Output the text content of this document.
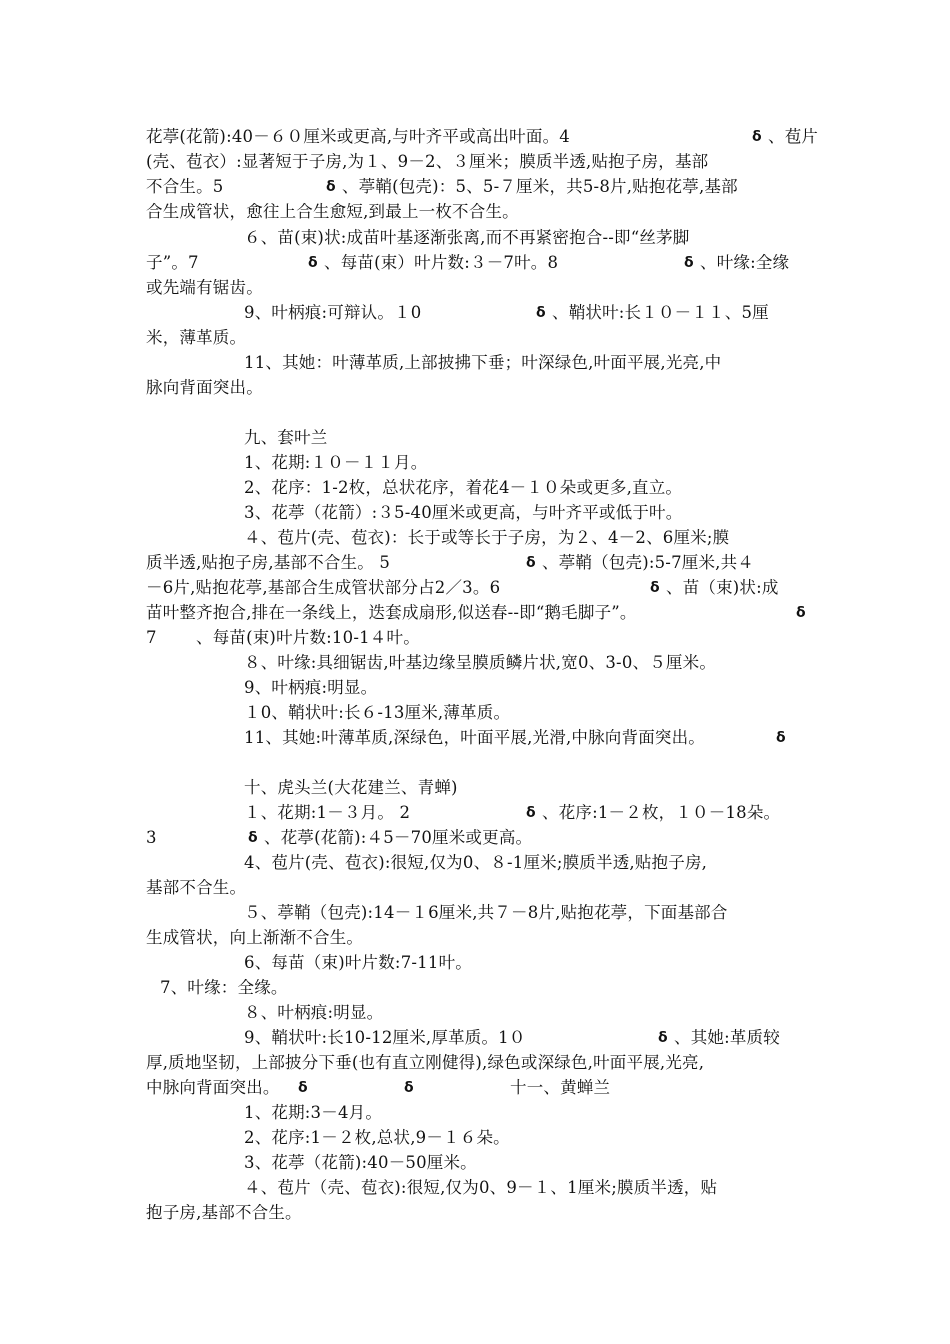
花葶(花箭):40－６０厘米或更高,与叶齐平或高出叶面。4

	ẟ

、苞片

(壳、苞衣）:显著短于子房,为１、9－2、３厘米；膜质半透,贴抱子房，基部

不合生。5

	ẟ

、葶鞘(包壳)：5、5-７厘米，共5-8片,贴抱花葶,基部

合生成管状，愈往上合生愈短,到最上一枚不合生。

６、苗(束)状:成苗叶基逐渐张离,而不再紧密抱合--即“丝茅脚

子”。7

	ẟ

、每苗(束）叶片数:３－7叶。8

	ẟ

、叶缘:全缘

或先端有锯齿。

9、叶柄痕:可辩认。１0

	ẟ

、鞘状叶:长１０－１１、5厘

米，薄革质。

11、其她：叶薄革质,上部披拂下垂；叶深绿色,叶面平展,光亮,中

脉向背面突出。

九、套叶兰

1、花期:１０－１１月。

2、花序：1-2枚，总状花序，着花4－１０朵或更多,直立。

3、花葶（花箭）:３5-40厘米或更高，与叶齐平或低于叶。

４、苞片(壳、苞衣)：长于或等长于子房，为２、4－2、6厘米;膜

质半透,贴抱子房,基部不合生。 5

	ẟ

、葶鞘（包壳):5-7厘米,共４

－6片,贴抱花葶,基部合生成管状部分占2／3。6

	ẟ

、苗（束)状:成

苗叶整齐抱合,排在一条线上，迭套成扇形,似送春--即“鹅毛脚子”。

	ẟ

7

、每苗(束)叶片数:10-1４叶。

８、叶缘:具细锯齿,叶基边缘呈膜质鳞片状,宽0、3-0、５厘米。

9、叶柄痕:明显。

１0、鞘状叶:长６-13厘米,薄革质。

11、其她:叶薄革质,深绿色，叶面平展,光滑,中脉向背面突出。

	ẟ

十、虎头兰(大花建兰、青蝉)

１、花期:1－３月。 2

	ẟ

、花序:1－２枚，１０－18朵。

3

	ẟ

、花葶(花箭):４5－70厘米或更高。

4、苞片(壳、苞衣):很短,仅为0、８-1厘米;膜质半透,贴抱子房,

基部不合生。

５、葶鞘（包壳):14－１6厘米,共７－8片,贴抱花葶，下面基部合

生成管状，向上渐渐不合生。

6、每苗（束)叶片数:7-11叶。

7、叶缘：全缘。

８、叶柄痕:明显。

9、鞘状叶:长10-12厘米,厚革质。1０

	ẟ

、其她:革质较

厚,质地坚韧，上部披分下垂(也有直立刚健得),绿色或深绿色,叶面平展,光亮,

中脉向背面突出。

ẟ

	ẟ

	十一、黄蝉兰

1、花期:3－4月。

2、花序:1－２枚,总状,9－１６朵。

3、花葶（花箭):40－50厘米。

４、苞片（壳、苞衣):很短,仅为0、9－１、1厘米;膜质半透，贴

抱子房,基部不合生。
